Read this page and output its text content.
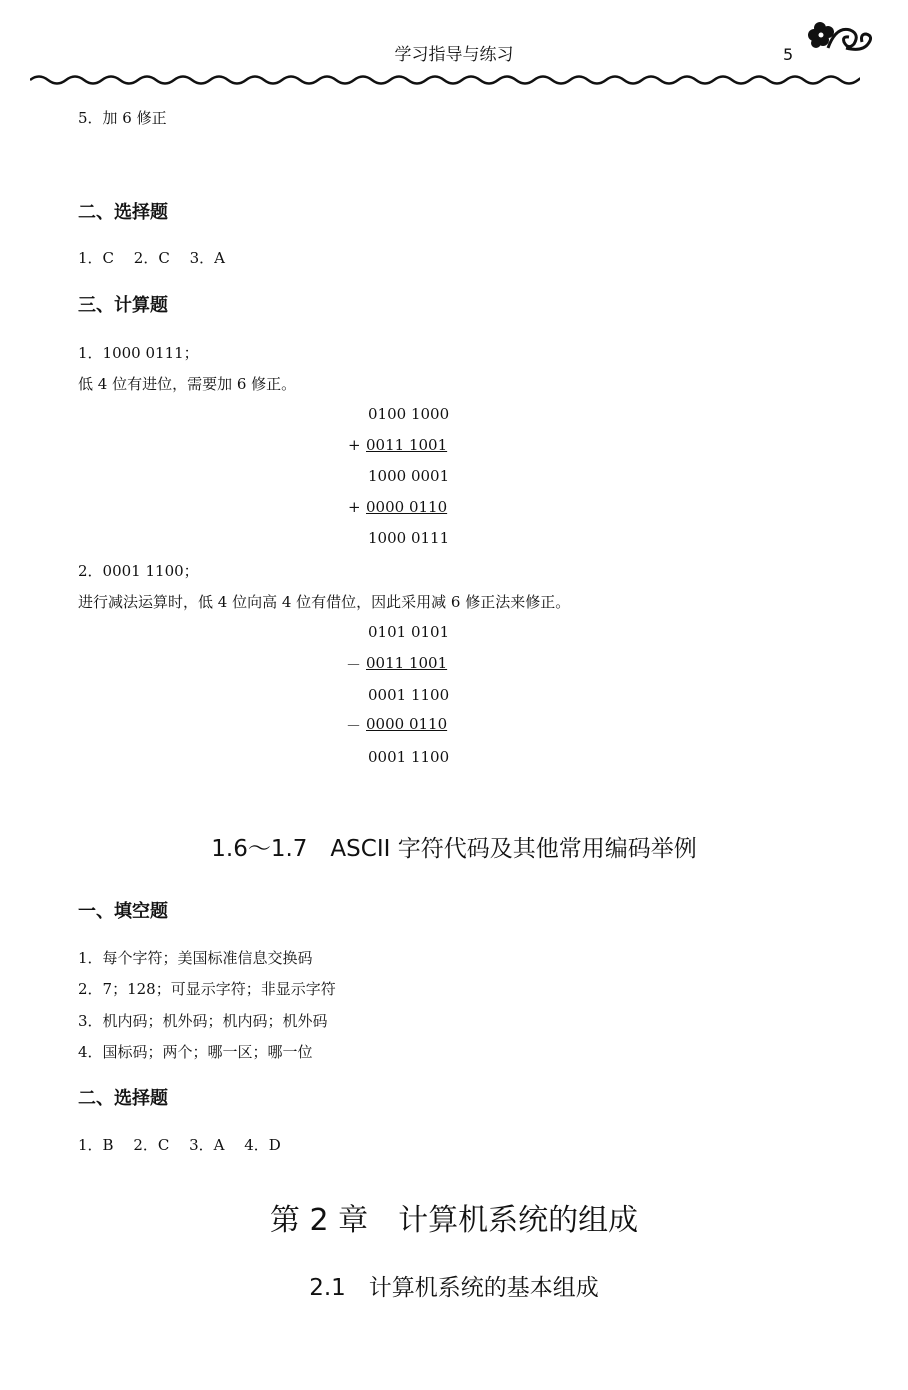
学习指导与练习	5
5．加 6 修正
二、选择题
1．C　 2．C　 3．A
三、计算题
1．1000 0111；
低 4 位有进位，需要加 6 修正。
0100 1000
+ 0011 1001
1000 0001
+ 0000 0110
1000 0111
2．0001 1100；
进行减法运算时，低 4 位向高 4 位有借位，因此采用减 6 修正法来修正。
0101 0101
－ 0011 1001
0001 1100
－ 0000 0110
0001 1100
1.6～1.7　ASCII 字符代码及其他常用编码举例
一、填空题
1．每个字符；美国标准信息交换码
2．7；128；可显示字符；非显示字符
3．机内码；机外码；机内码；机外码
4．国标码；两个；哪一区；哪一位
二、选择题
1．B　 2．C　 3．A　 4．D
第 2 章　计算机系统的组成
2.1　计算机系统的基本组成
